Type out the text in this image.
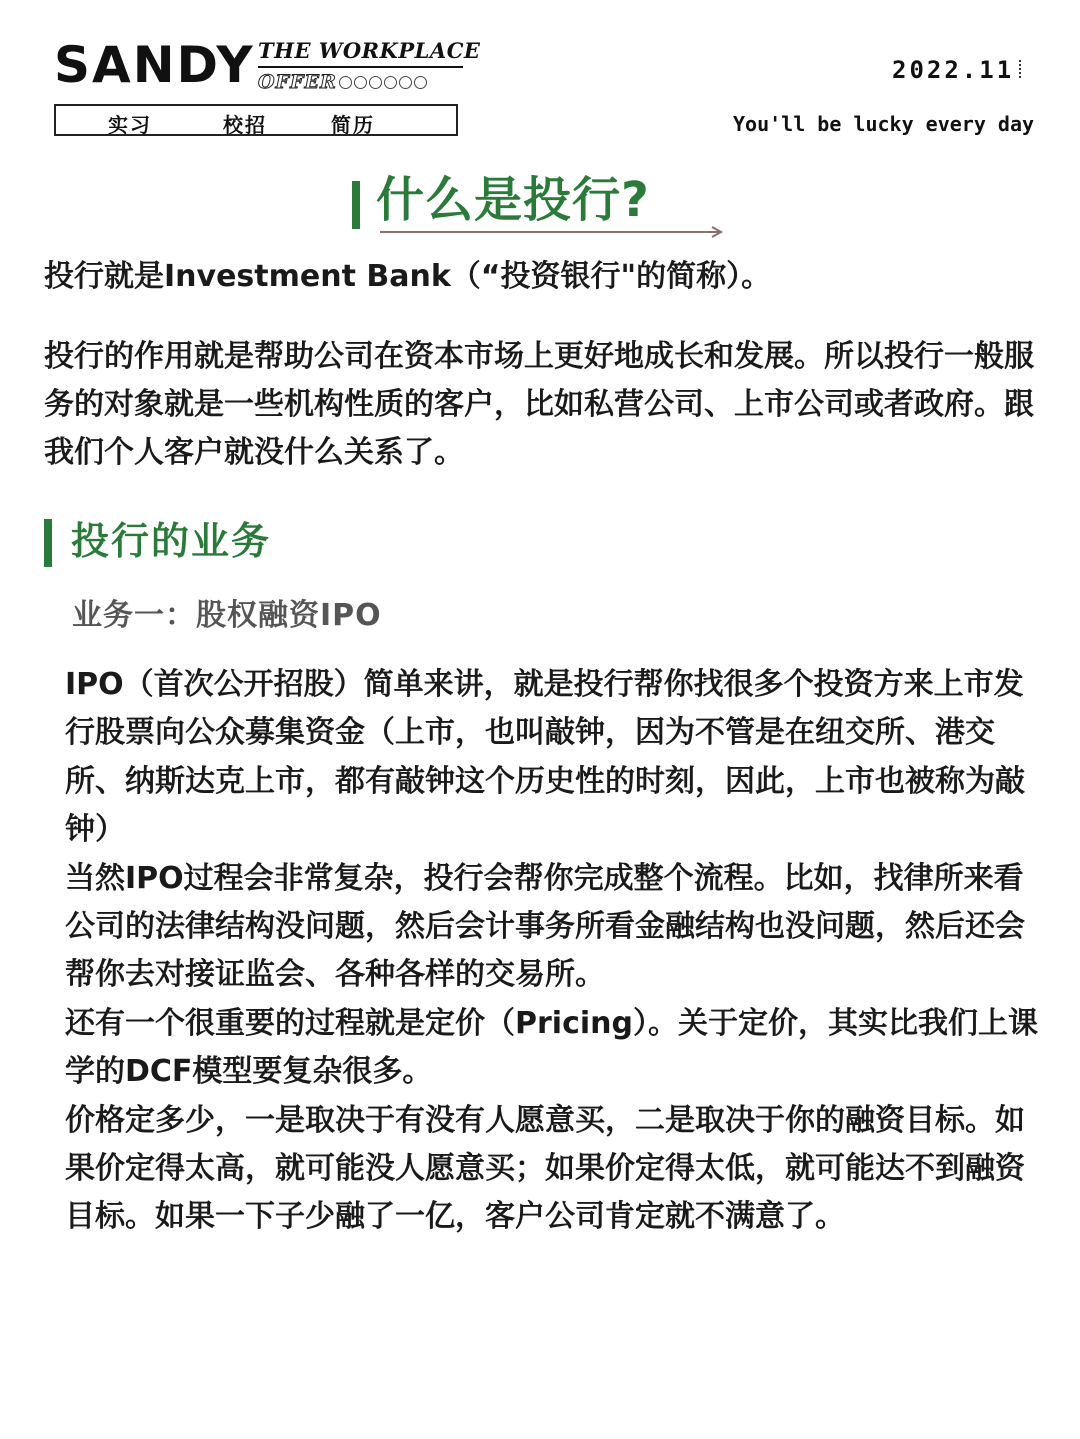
SANDY THE WORKPLACE
OFFER
实习	校招	简历
2022.11
You'll be lucky every day
什么是投行?

投行就是Investment Bank（“投资银行"的简称）。

投行的作用就是帮助公司在资本市场上更好地成长和发展。所以投行一般服务的对象就是一些机构性质的客户，比如私营公司、上市公司或者政府。跟我们个人客户就没什么关系了。

投行的业务
业务一：股权融资IPO

IPO（首次公开招股）简单来讲，就是投行帮你找很多个投资方来上市发行股票向公众募集资金（上市，也叫敲钟，因为不管是在纽交所、港交所、纳斯达克上市，都有敲钟这个历史性的时刻，因此，上市也被称为敲钟）

当然IPO过程会非常复杂，投行会帮你完成整个流程。比如，找律所来看公司的法律结构没问题，然后会计事务所看金融结构也没问题，然后还会帮你去对接证监会、各种各样的交易所。

还有一个很重要的过程就是定价（Pricing）。关于定价，其实比我们上课学的DCF模型要复杂很多。

价格定多少，一是取决于有没有人愿意买，二是取决于你的融资目标。如果价定得太高，就可能没人愿意买；如果价定得太低，就可能达不到融资目标。如果一下子少融了一亿，客户公司肯定就不满意了。
